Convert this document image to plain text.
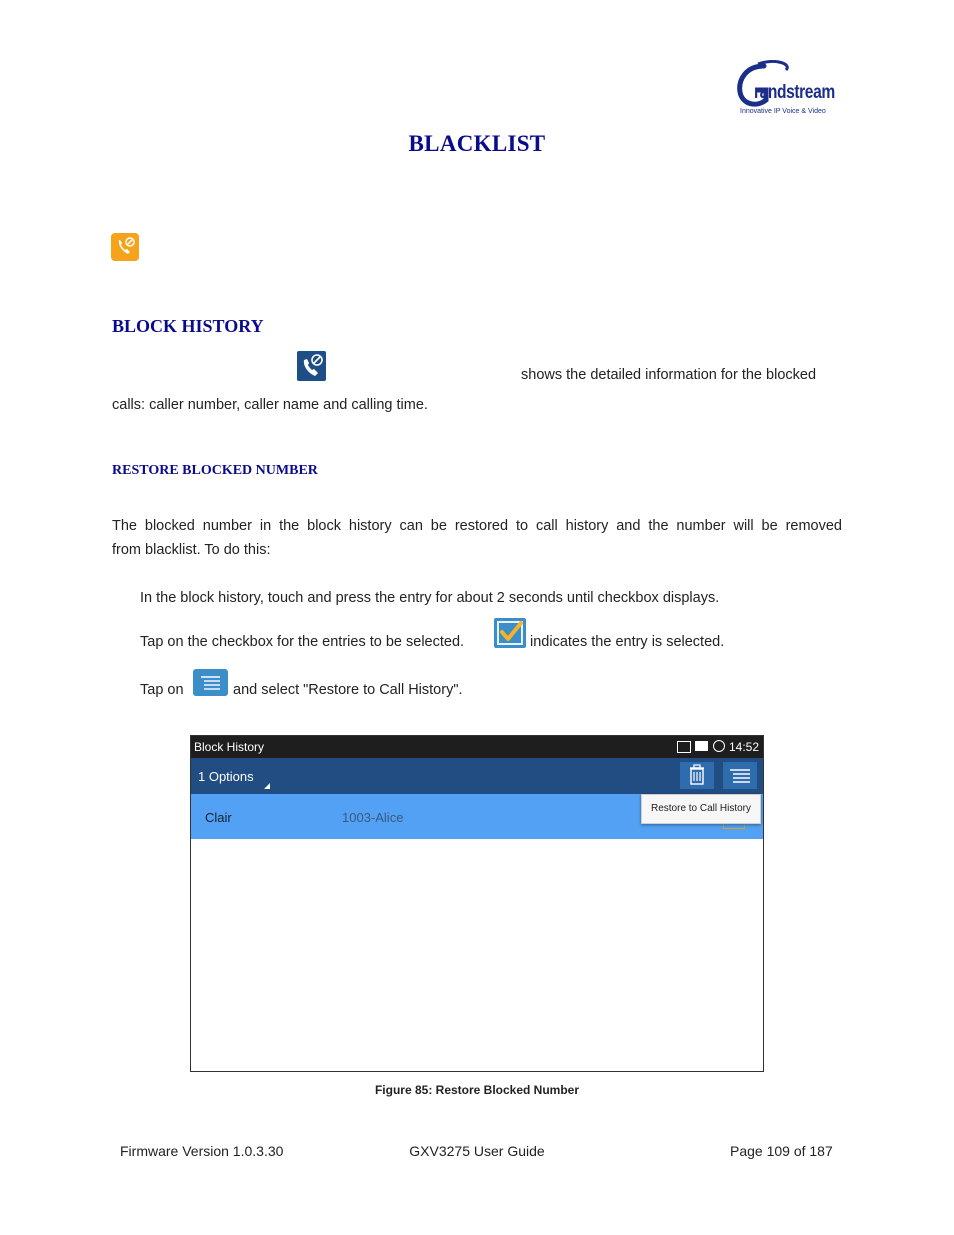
randstream
Innovative IP Voice & Video
BLACKLIST
BLOCK HISTORY
shows the detailed information for the blocked
calls: caller number, caller name and calling time.
RESTORE BLOCKED NUMBER
The blocked number in the block history can be restored to call history and the number will be removed
from blacklist. To do this:
In the block history, touch and press the entry for about 2 seconds until checkbox displays.
Tap on the checkbox for the entries to be selected.	indicates the entry is selected.
Tap on	and select "Restore to Call History".
Block History	14:52
1 Options
Clair	1003-Alice
Restore to Call History
Figure 85: Restore Blocked Number
Firmware Version 1.0.3.30	GXV3275 User Guide	Page 109 of 187
